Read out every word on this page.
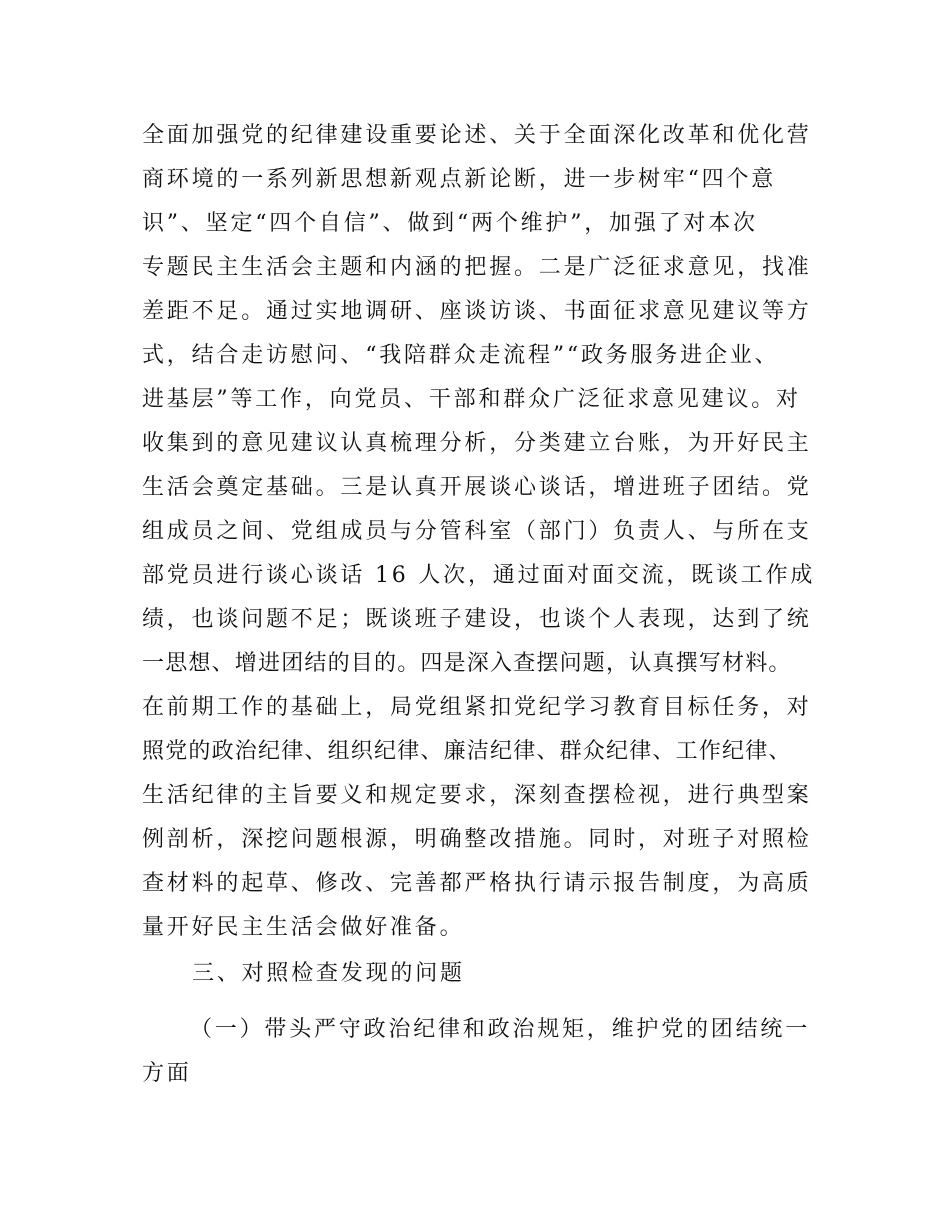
全面加强党的纪律建设重要论述、关于全面深化改革和优化营
商环境的一系列新思想新观点新论断，进一步树牢“四个意
识”、坚定“四个自信”、做到“两个维护”，加强了对本次
专题民主生活会主题和内涵的把握。二是广泛征求意见，找准
差距不足。通过实地调研、座谈访谈、书面征求意见建议等方
式，结合走访慰问、“我陪群众走流程”“政务服务进企业、
进基层”等工作，向党员、干部和群众广泛征求意见建议。对
收集到的意见建议认真梳理分析，分类建立台账，为开好民主
生活会奠定基础。三是认真开展谈心谈话，增进班子团结。党
组成员之间、党组成员与分管科室（部门）负责人、与所在支
部党员进行谈心谈话 16 人次，通过面对面交流，既谈工作成
绩，也谈问题不足；既谈班子建设，也谈个人表现，达到了统
一思想、增进团结的目的。四是深入查摆问题，认真撰写材料。
在前期工作的基础上，局党组紧扣党纪学习教育目标任务，对
照党的政治纪律、组织纪律、廉洁纪律、群众纪律、工作纪律、
生活纪律的主旨要义和规定要求，深刻查摆检视，进行典型案
例剖析，深挖问题根源，明确整改措施。同时，对班子对照检
查材料的起草、修改、完善都严格执行请示报告制度，为高质
量开好民主生活会做好准备。
三、对照检查发现的问题
（一）带头严守政治纪律和政治规矩，维护党的团结统一
方面
